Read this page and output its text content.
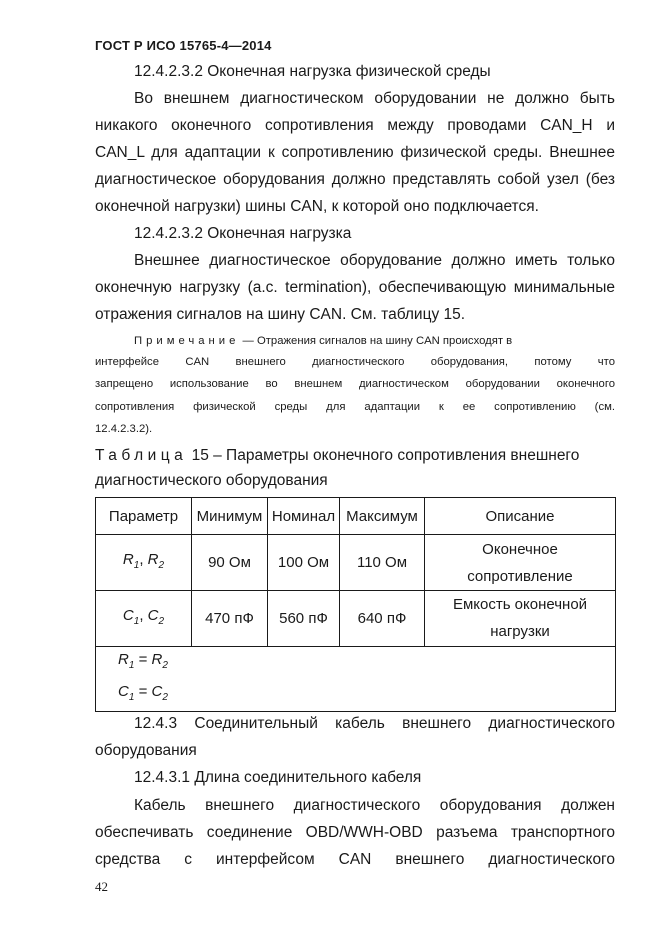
ГОСТ Р ИСО 15765-4—2014
12.4.2.3.2 Оконечная нагрузка физической среды
Во внешнем диагностическом оборудовании не должно быть
никакого оконечного сопротивления между проводами CAN_H и
CAN_L для адаптации к сопротивлению физической среды. Внешнее
диагностическое оборудования должно представлять собой узел (без
оконечной нагрузки) шины CAN, к которой оно подключается.
12.4.2.3.2 Оконечная нагрузка
Внешнее диагностическое оборудование должно иметь только
оконечную нагрузку (a.c. termination), обеспечивающую минимальные
отражения сигналов на шину CAN. См. таблицу 15.
Примечание — Отражения сигналов на шину CAN происходят в
интерфейсе CAN внешнего диагностического оборудования, потому что
запрещено использование во внешнем диагностическом оборудовании оконечного
сопротивления физической среды для адаптации к ее сопротивлению (см.
12.4.2.3.2).
Таблица 15 – Параметры оконечного сопротивления внешнего
диагностического оборудования
Параметр	Минимум	Номинал	Максимум	Описание
$R_1$, $R_2$	90 Ом	100 Ом	110 Ом	Оконечное
сопротивление

$C_1$, $C_2$	470 пФ	560 пФ	640 пФ	Емкость оконечной
нагрузки

$R_1 = R_2$
$C_1 = C_2$
12.4.3 Соединительный кабель внешнего диагностического
оборудования
12.4.3.1 Длина соединительного кабеля
Кабель внешнего диагностического оборудования должен
обеспечивать соединение OBD/WWH-OBD разъема транспортного
средства с интерфейсом CAN внешнего диагностического
42
